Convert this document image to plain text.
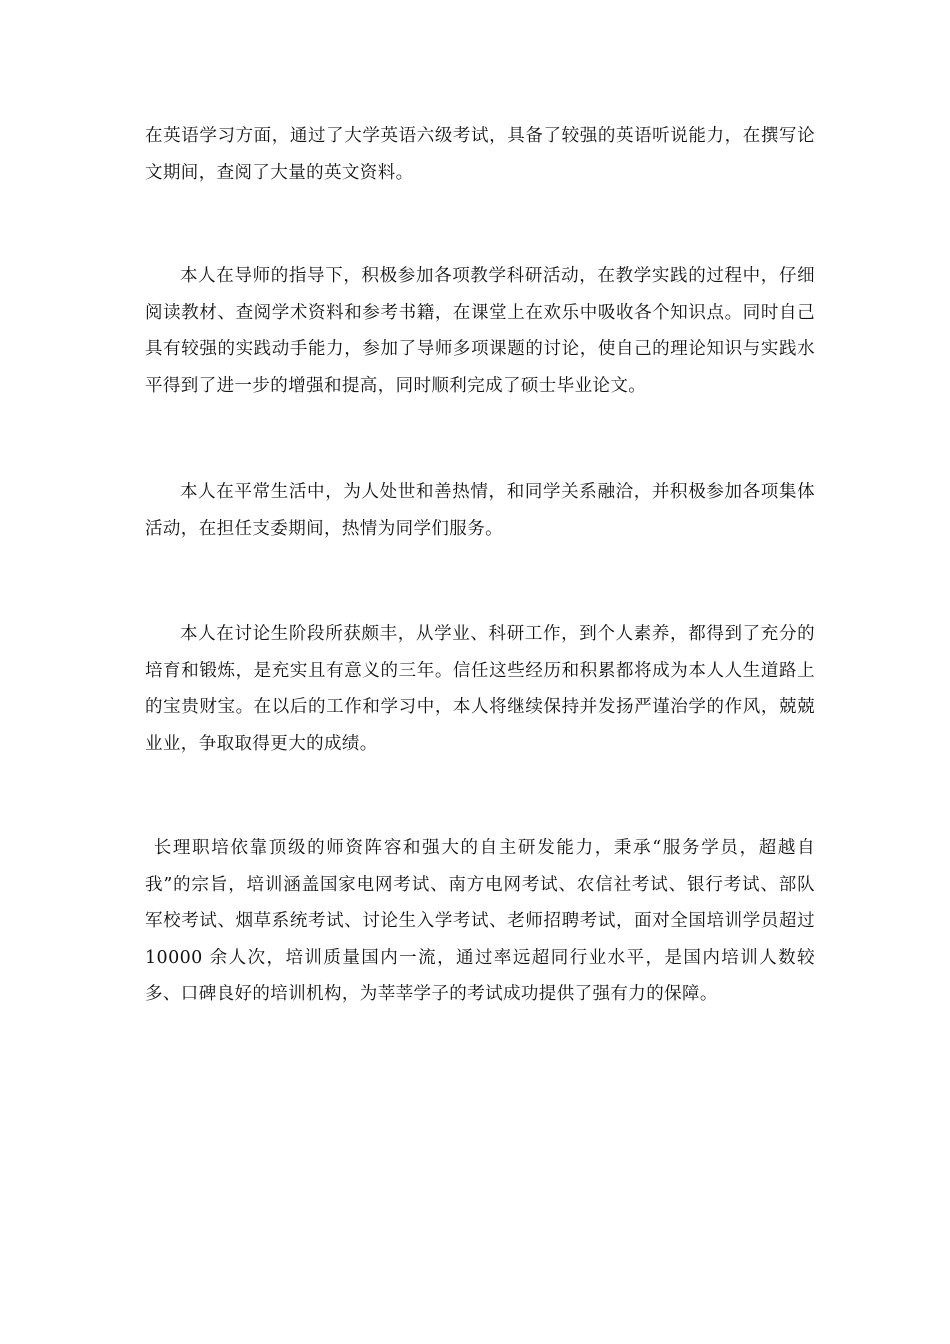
在英语学习方面，通过了大学英语六级考试，具备了较强的英语听说能力，在撰写论文期间，查阅了大量的英文资料。

本人在导师的指导下，积极参加各项教学科研活动，在教学实践的过程中，仔细阅读教材、查阅学术资料和参考书籍，在课堂上在欢乐中吸收各个知识点。同时自己具有较强的实践动手能力，参加了导师多项课题的讨论，使自己的理论知识与实践水平得到了进一步的增强和提高，同时顺利完成了硕士毕业论文。

本人在平常生活中，为人处世和善热情，和同学关系融洽，并积极参加各项集体活动，在担任支委期间，热情为同学们服务。

本人在讨论生阶段所获颇丰，从学业、科研工作，到个人素养，都得到了充分的培育和锻炼，是充实且有意义的三年。信任这些经历和积累都将成为本人人生道路上的宝贵财宝。在以后的工作和学习中，本人将继续保持并发扬严谨治学的作风，兢兢业业，争取取得更大的成绩。

长理职培依靠顶级的师资阵容和强大的自主研发能力，秉承“服务学员，超越自我”的宗旨，培训涵盖国家电网考试、南方电网考试、农信社考试、银行考试、部队军校考试、烟草系统考试、讨论生入学考试、老师招聘考试，面对全国培训学员超过 10000 余人次，培训质量国内一流，通过率远超同行业水平，是国内培训人数较多、口碑良好的培训机构，为莘莘学子的考试成功提供了强有力的保障。
